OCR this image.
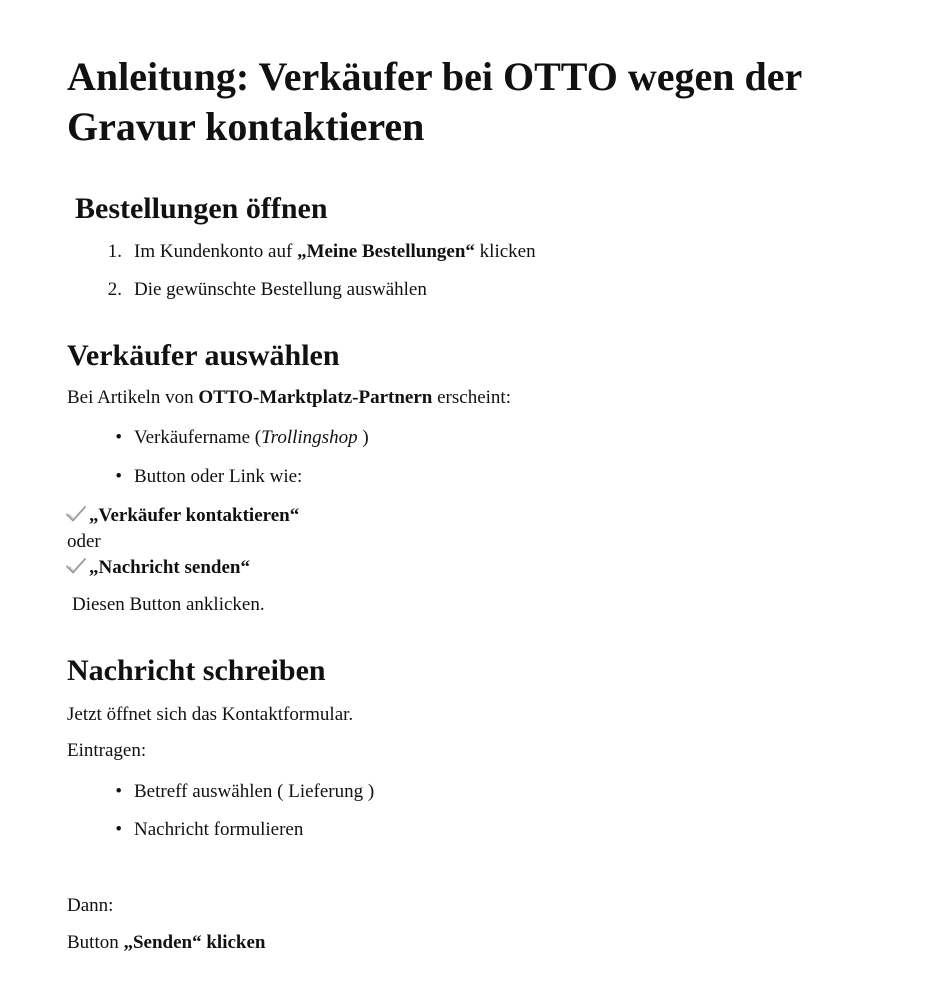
Anleitung: Verkäufer bei OTTO wegen der Gravur kontaktieren
Bestellungen öffnen
1. Im Kundenkonto auf „Meine Bestellungen“ klicken
2. Die gewünschte Bestellung auswählen
Verkäufer auswählen

Bei Artikeln von OTTO-Marktplatz-Partnern erscheint:

• Verkäufername (Trollingshop )
• Button oder Link wie:

„Verkäufer kontaktieren“

oder

„Nachricht senden“

Diesen Button anklicken.

Nachricht schreiben

Jetzt öffnet sich das Kontaktformular.

Eintragen:

• Betreff auswählen ( Lieferung )
• Nachricht formulieren

Dann:

Button „Senden“ klicken
